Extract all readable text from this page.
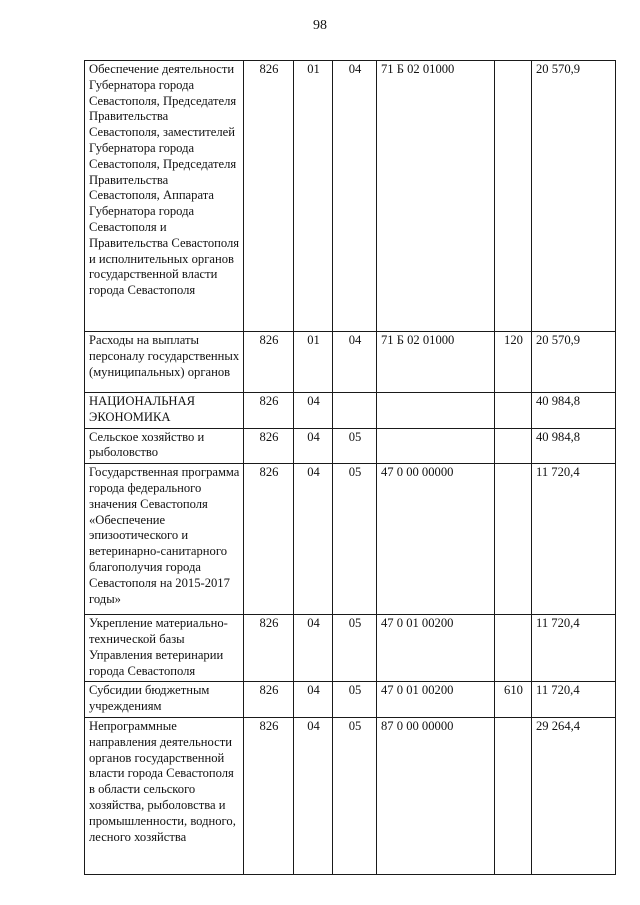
98
Обеспечение деятельности Губернатора города Севастополя, Председателя Правительства Севастополя, заместителей Губернатора города Севастополя, Председателя Правительства Севастополя, Аппарата Губернатора города Севастополя и Правительства Севастополя и исполнительных органов государственной власти города Севастополя	826	01	04	71 Б 02 01000		20 570,9
Расходы на выплаты персоналу государственных (муниципальных) органов	826	01	04	71 Б 02 01000	120	20 570,9
НАЦИОНАЛЬНАЯ ЭКОНОМИКА	826	04				40 984,8
Сельское хозяйство и рыболовство	826	04	05			40 984,8
Государственная программа города федерального значения Севастополя «Обеспечение эпизоотического и ветеринарно-санитарного благополучия города Севастополя на 2015-2017 годы»	826	04	05	47 0 00 00000		11 720,4
Укрепление материально-технической базы Управления ветеринарии города Севастополя	826	04	05	47 0 01 00200		11 720,4
Субсидии бюджетным учреждениям	826	04	05	47 0 01 00200	610	11 720,4
Непрограммные направления деятельности органов государственной власти города Севастополя в области сельского хозяйства, рыболовства и промышленности, водного, лесного хозяйства	826	04	05	87 0 00 00000		29 264,4
